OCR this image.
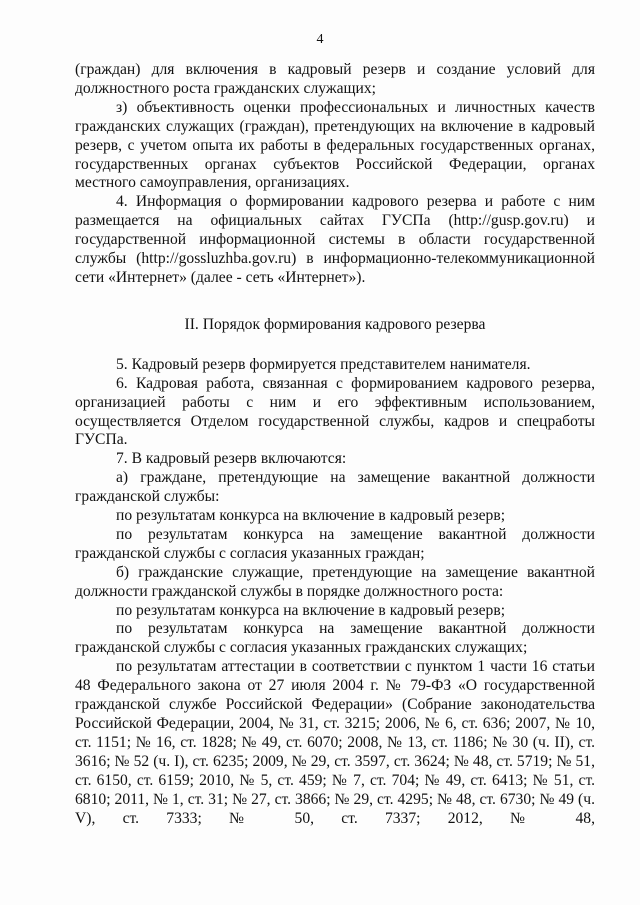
4

(граждан) для включения в кадровый резерв и создание условий для должностного роста гражданских служащих;

з) объективность оценки профессиональных и личностных качеств гражданских служащих (граждан), претендующих на включение в кадровый резерв, с учетом опыта их работы в федеральных государственных органах, государственных органах субъектов Российской Федерации, органах местного самоуправления, организациях.

4. Информация о формировании кадрового резерва и работе с ним размещается на официальных сайтах ГУСПа (http://gusp.gov.ru) и государственной информационной системы в области государственной службы (http://gossluzhba.gov.ru) в информационно-телекоммуникационной сети «Интернет» (далее - сеть «Интернет»).

II. Порядок формирования кадрового резерва

5. Кадровый резерв формируется представителем нанимателя.

6. Кадровая работа, связанная с формированием кадрового резерва, организацией работы с ним и его эффективным использованием, осуществляется Отделом государственной службы, кадров и спецработы ГУСПа.

7. В кадровый резерв включаются:

а) граждане, претендующие на замещение вакантной должности гражданской службы:

по результатам конкурса на включение в кадровый резерв;

по результатам конкурса на замещение вакантной должности гражданской службы с согласия указанных граждан;

б) гражданские служащие, претендующие на замещение вакантной должности гражданской службы в порядке должностного роста:

по результатам конкурса на включение в кадровый резерв;

по результатам конкурса на замещение вакантной должности гражданской службы с согласия указанных гражданских служащих;

по результатам аттестации в соответствии с пунктом 1 части 16 статьи 48 Федерального закона от 27 июля 2004 г. № 79-ФЗ «О государственной гражданской службе Российской Федерации» (Собрание законодательства Российской Федерации, 2004, № 31, ст. 3215; 2006, № 6, ст. 636; 2007, № 10, ст. 1151; № 16, ст. 1828; № 49, ст. 6070; 2008, № 13, ст. 1186; № 30 (ч. II), ст. 3616; № 52 (ч. I), ст. 6235; 2009, № 29, ст. 3597, ст. 3624; № 48, ст. 5719; № 51, ст. 6150, ст. 6159; 2010, № 5, ст. 459; № 7, ст. 704; № 49, ст. 6413; № 51, ст. 6810; 2011, № 1, ст. 31; № 27, ст. 3866; № 29, ст. 4295; № 48, ст. 6730; № 49 (ч. V), ст. 7333; № 50, ст. 7337; 2012, № 48,
